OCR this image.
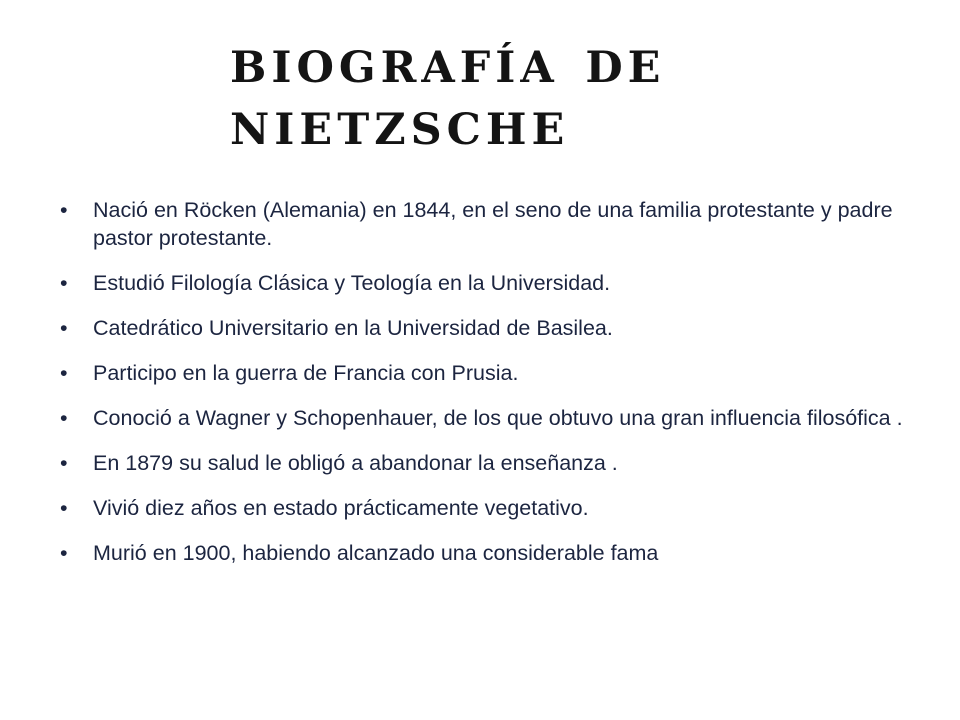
biografía de nietzsche
•	Nació en Röcken (Alemania) en 1844, en el seno de una familia protestante y padre pastor protestante.
•	Estudió Filología Clásica y Teología en la Universidad.
•	Catedrático Universitario en la Universidad de Basilea.
•	Participo en la guerra de Francia con Prusia.
•	Conoció a Wagner y Schopenhauer, de los que obtuvo una gran influencia filosófica .
•	En 1879 su salud le obligó a abandonar la enseñanza .
•	Vivió diez años en estado prácticamente vegetativo.
•	Murió en 1900, habiendo alcanzado una considerable fama
